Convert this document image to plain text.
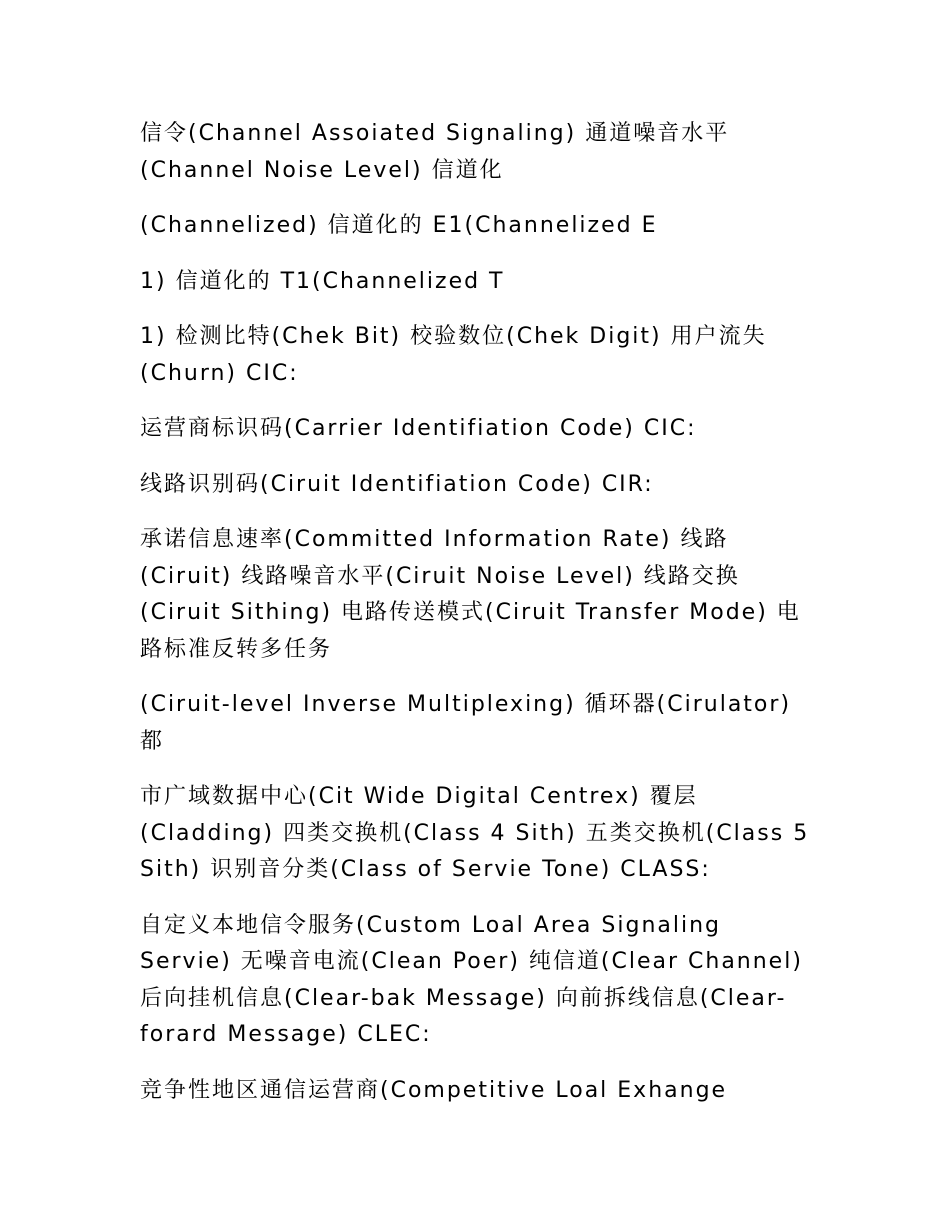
信令(Channel Assoiated Signaling) 通道噪音水平
(Channel Noise Level) 信道化

(Channelized) 信道化的 E1(Channelized E

1) 信道化的 T1(Channelized T

1) 检测比特(Chek Bit) 校验数位(Chek Digit) 用户流失
(Churn) CIC:

运营商标识码(Carrier Identifiation Code) CIC:

线路识别码(Ciruit Identifiation Code) CIR:

承诺信息速率(Committed Information Rate) 线路
(Ciruit) 线路噪音水平(Ciruit Noise Level) 线路交换
(Ciruit Sithing) 电路传送模式(Ciruit Transfer Mode) 电
路标准反转多任务

(Ciruit-level Inverse Multiplexing) 循环器(Cirulator)
都

市广域数据中心(Cit Wide Digital Centrex) 覆层
(Cladding) 四类交换机(Class 4 Sith) 五类交换机(Class 5
Sith) 识别音分类(Class of Servie Tone) CLASS:

自定义本地信令服务(Custom Loal Area Signaling
Servie) 无噪音电流(Clean Poer) 纯信道(Clear Channel)
后向挂机信息(Clear-bak Message) 向前拆线信息(Clear-
forard Message) CLEC:

竞争性地区通信运营商(Competitive Loal Exhange
